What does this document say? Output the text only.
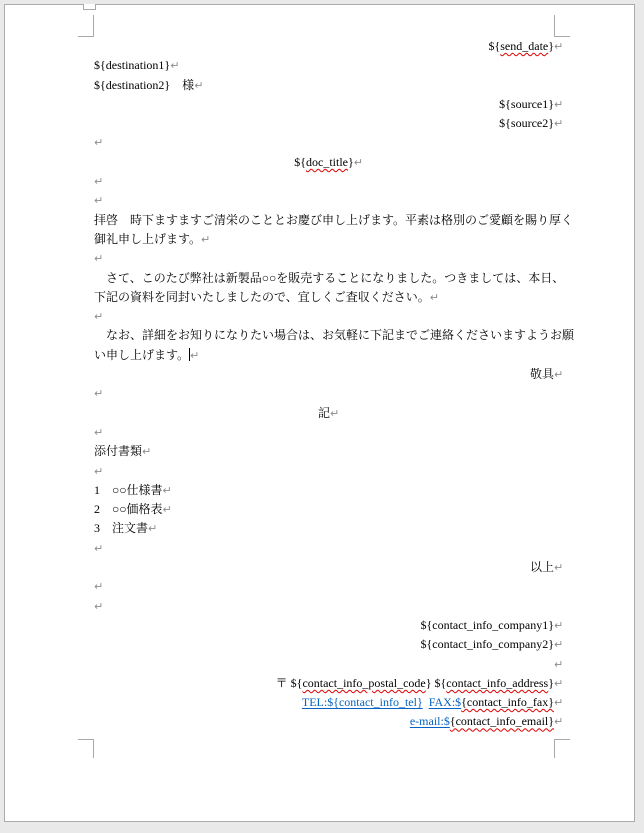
${send_date}↵
${destination1}↵
${destination2}　様↵
${source1}↵
${source2}↵
↵
${doc_title}↵
↵
↵
拝啓　時下ますますご清栄のこととお慶び申し上げます。平素は格別のご愛顧を賜り厚く
御礼申し上げます。↵
↵
　さて、このたび弊社は新製品○○を販売することになりました。つきましては、本日、
下記の資料を同封いたしましたので、宜しくご査収ください。↵
↵
　なお、詳細をお知りになりたい場合は、お気軽に下記までご連絡くださいますようお願
い申し上げます。↵
敬具↵
↵
記↵
↵
添付書類↵
↵
1　○○仕様書↵
2　○○価格表↵
3　注文書↵
↵
以上↵
↵
↵
${contact_info_company1}↵
${contact_info_company2}↵
↵
〒 ${contact_info_postal_code} ${contact_info_address}↵
TEL:${contact_info_tel} FAX:${contact_info_fax}↵
e-mail:${contact_info_email}↵
